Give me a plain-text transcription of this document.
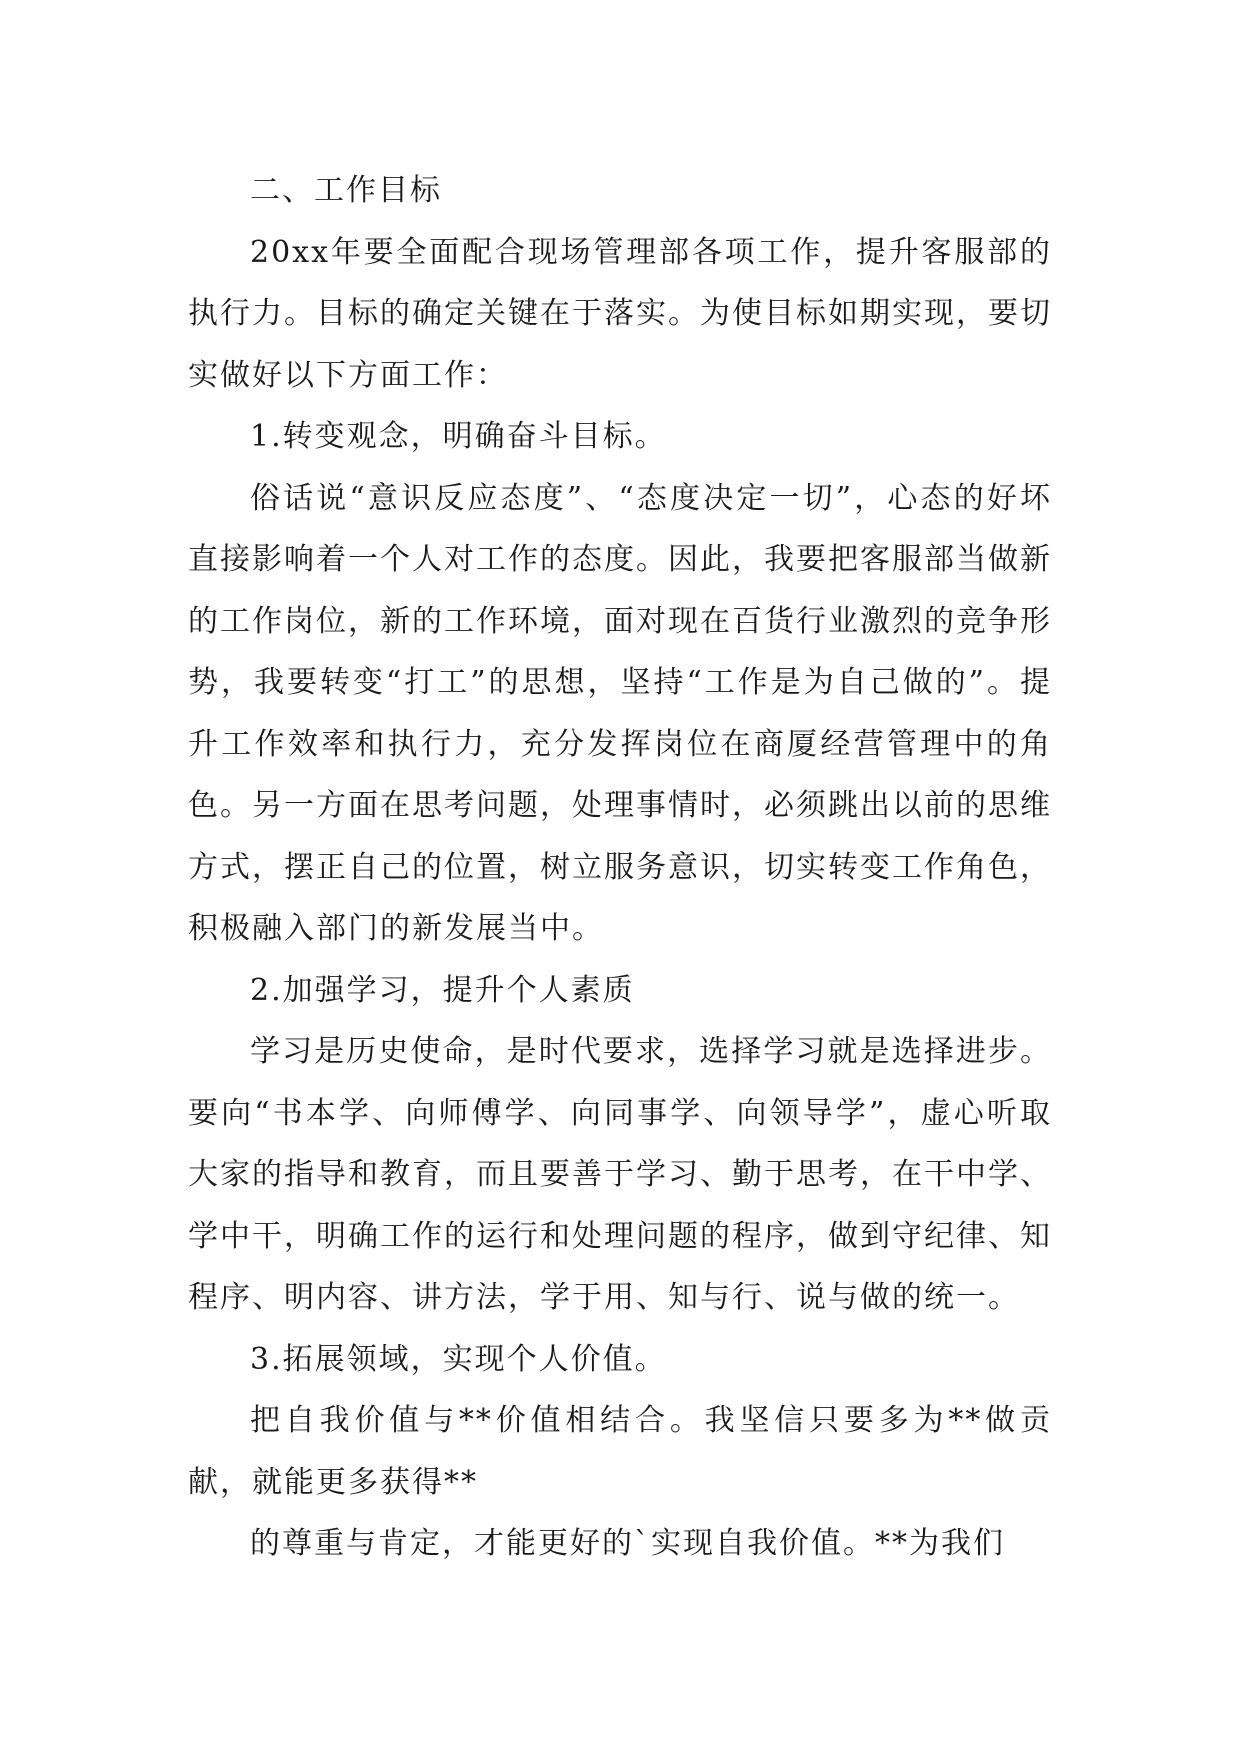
二、工作目标

20xx年要全面配合现场管理部各项工作，提升客服部的执行力。目标的确定关键在于落实。为使目标如期实现，要切实做好以下方面工作：

1.转变观念，明确奋斗目标。

俗话说“意识反应态度”、“态度决定一切”，心态的好坏直接影响着一个人对工作的态度。因此，我要把客服部当做新的工作岗位，新的工作环境，面对现在百货行业激烈的竞争形势，我要转变“打工”的思想，坚持“工作是为自己做的”。提升工作效率和执行力，充分发挥岗位在商厦经营管理中的角色。另一方面在思考问题，处理事情时，必须跳出以前的思维方式，摆正自己的位置，树立服务意识，切实转变工作角色，积极融入部门的新发展当中。

2.加强学习，提升个人素质

学习是历史使命，是时代要求，选择学习就是选择进步。要向“书本学、向师傅学、向同事学、向领导学”，虚心听取大家的指导和教育，而且要善于学习、勤于思考，在干中学、学中干，明确工作的运行和处理问题的程序，做到守纪律、知程序、明内容、讲方法，学于用、知与行、说与做的统一。

3.拓展领域，实现个人价值。

把自我价值与**价值相结合。我坚信只要多为**做贡献，就能更多获得**

的尊重与肯定，才能更好的`实现自我价值。**为我们
